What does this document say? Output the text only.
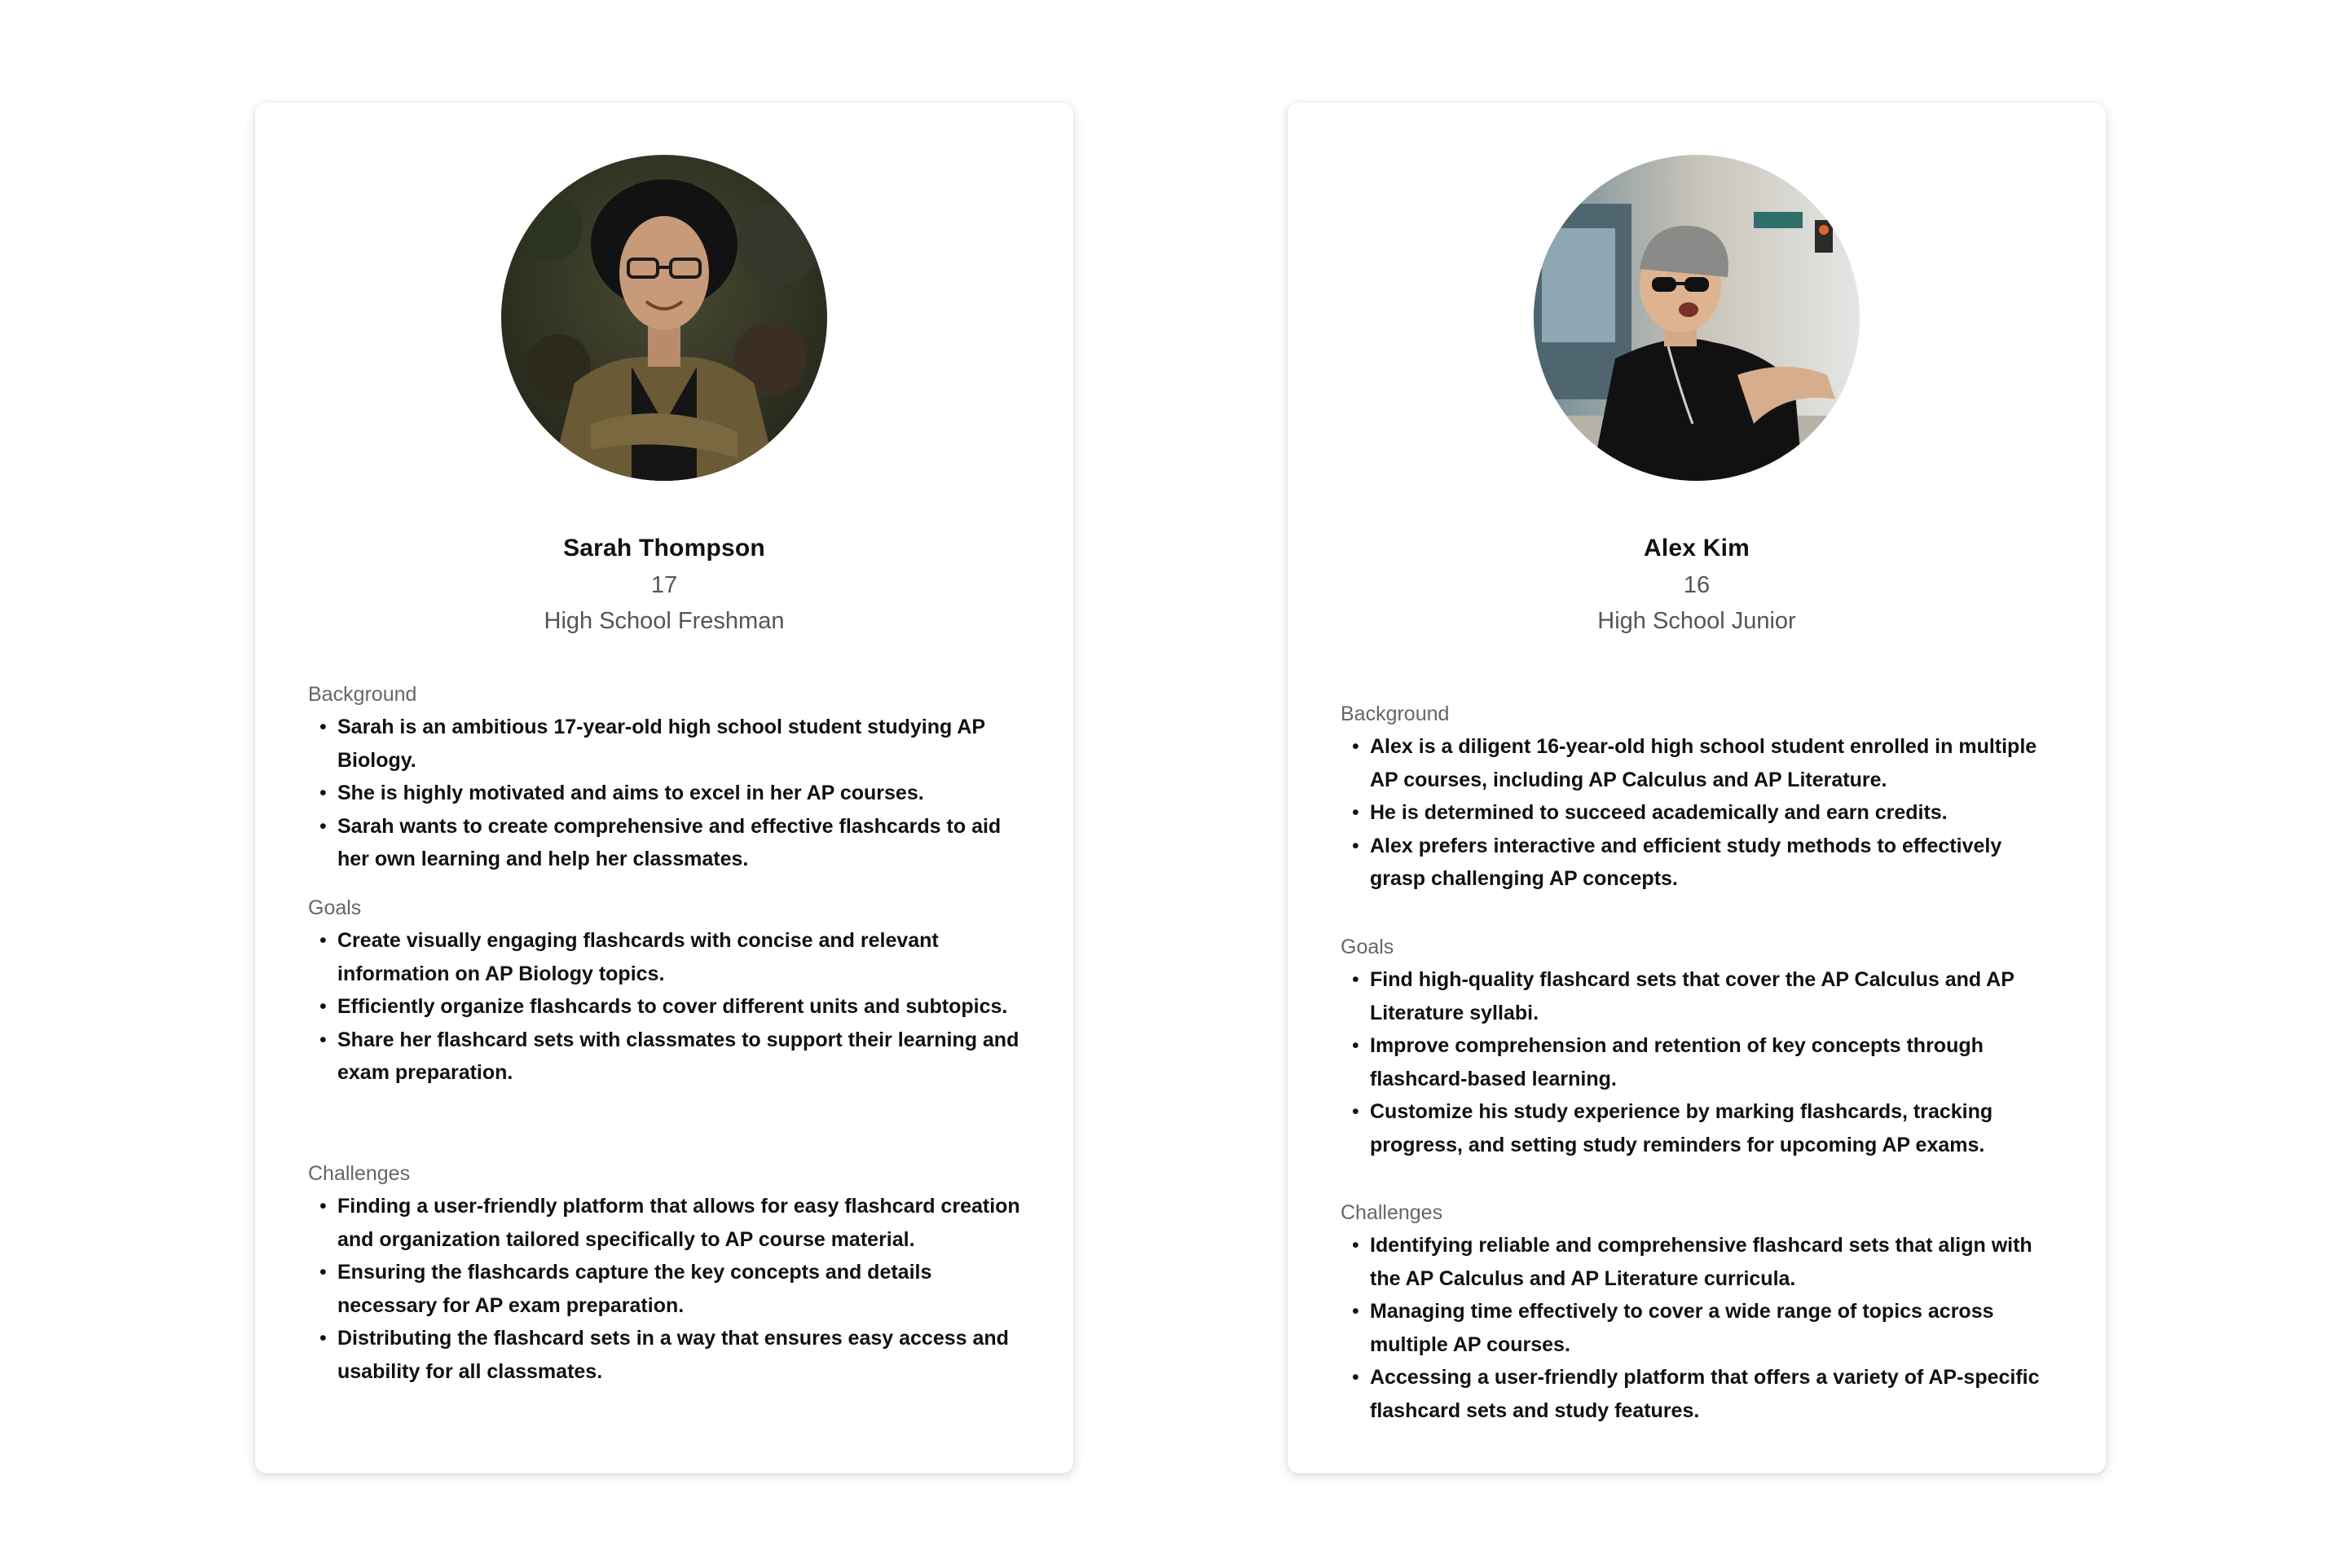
Sarah Thompson
17
High School Freshman
Background
• Sarah is an ambitious 17-year-old high school student studying AP Biology.
• She is highly motivated and aims to excel in her AP courses.
• Sarah wants to create comprehensive and effective flashcards to aid her own learning and help her classmates.
Goals
• Create visually engaging flashcards with concise and relevant information on AP Biology topics.
• Efficiently organize flashcards to cover different units and subtopics.
• Share her flashcard sets with classmates to support their learning and exam preparation.
Challenges
• Finding a user-friendly platform that allows for easy flashcard creation and organization tailored specifically to AP course material.
• Ensuring the flashcards capture the key concepts and details necessary for AP exam preparation.
• Distributing the flashcard sets in a way that ensures easy access and usability for all classmates.
Alex Kim
16
High School Junior
Background
• Alex is a diligent 16-year-old high school student enrolled in multiple AP courses, including AP Calculus and AP Literature.
• He is determined to succeed academically and earn credits.
• Alex prefers interactive and efficient study methods to effectively grasp challenging AP concepts.
Goals
• Find high-quality flashcard sets that cover the AP Calculus and AP Literature syllabi.
• Improve comprehension and retention of key concepts through flashcard-based learning.
• Customize his study experience by marking flashcards, tracking progress, and setting study reminders for upcoming AP exams.
Challenges
• Identifying reliable and comprehensive flashcard sets that align with the AP Calculus and AP Literature curricula.
• Managing time effectively to cover a wide range of topics across multiple AP courses.
• Accessing a user-friendly platform that offers a variety of AP-specific flashcard sets and study features.
